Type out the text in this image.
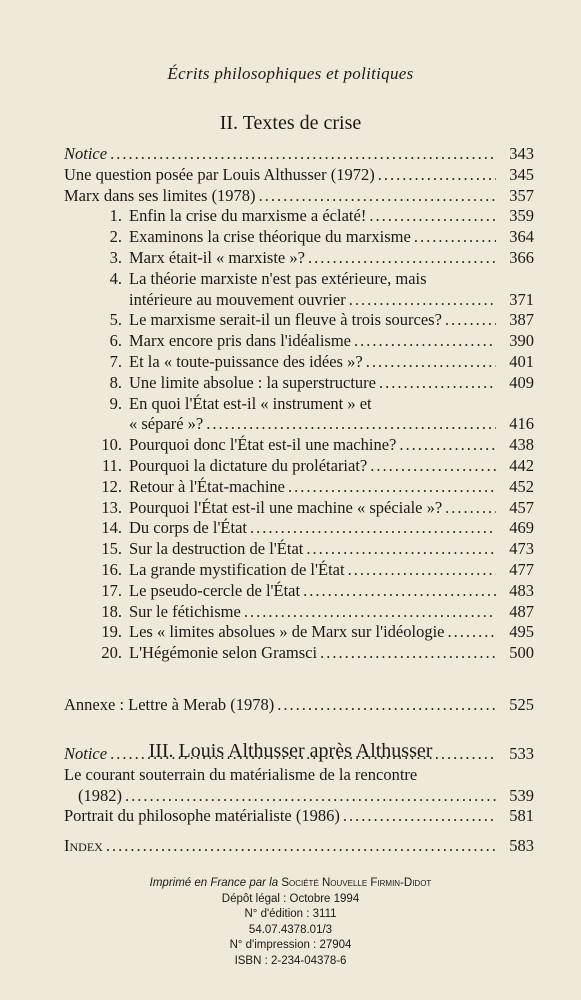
Écrits philosophiques et politiques
II. Textes de crise
Notice .....	343
Une question posée par Louis Althusser (1972) .....	345
Marx dans ses limites (1978) .....	357
1. Enfin la crise du marxisme a éclaté! .....	359
2. Examinons la crise théorique du marxisme .....	364
3. Marx était-il « marxiste »? .....	366
4. La théorie marxiste n'est pas extérieure, mais
intérieure au mouvement ouvrier .....	371
5. Le marxisme serait-il un fleuve à trois sources? .....	387
6. Marx encore pris dans l'idéalisme .....	390
7. Et la « toute-puissance des idées »? .....	401
8. Une limite absolue : la superstructure .....	409
9. En quoi l'État est-il « instrument » et
« séparé »? .....	416
10. Pourquoi donc l'État est-il une machine? .....	438
11. Pourquoi la dictature du prolétariat? .....	442
12. Retour à l'État-machine .....	452
13. Pourquoi l'État est-il une machine « spéciale »? .....	457
14. Du corps de l'État .....	469
15. Sur la destruction de l'État .....	473
16. La grande mystification de l'État .....	477
17. Le pseudo-cercle de l'État .....	483
18. Sur le fétichisme .....	487
19. Les « limites absolues » de Marx sur l'idéologie .....	495
20. L'Hégémonie selon Gramsci .....	500
Annexe : Lettre à Merab (1978) .....	525
III. Louis Althusser après Althusser
Notice .....	533
Le courant souterrain du matérialisme de la rencontre
(1982) .....	539
Portrait du philosophe matérialiste (1986) .....	581
Index .....	583
Imprimé en France par la Société Nouvelle Firmin-Didot
Dépôt légal : Octobre 1994
N° d'édition : 3111
54.07.4378.01/3
N° d'impression : 27904
ISBN : 2-234-04378-6
